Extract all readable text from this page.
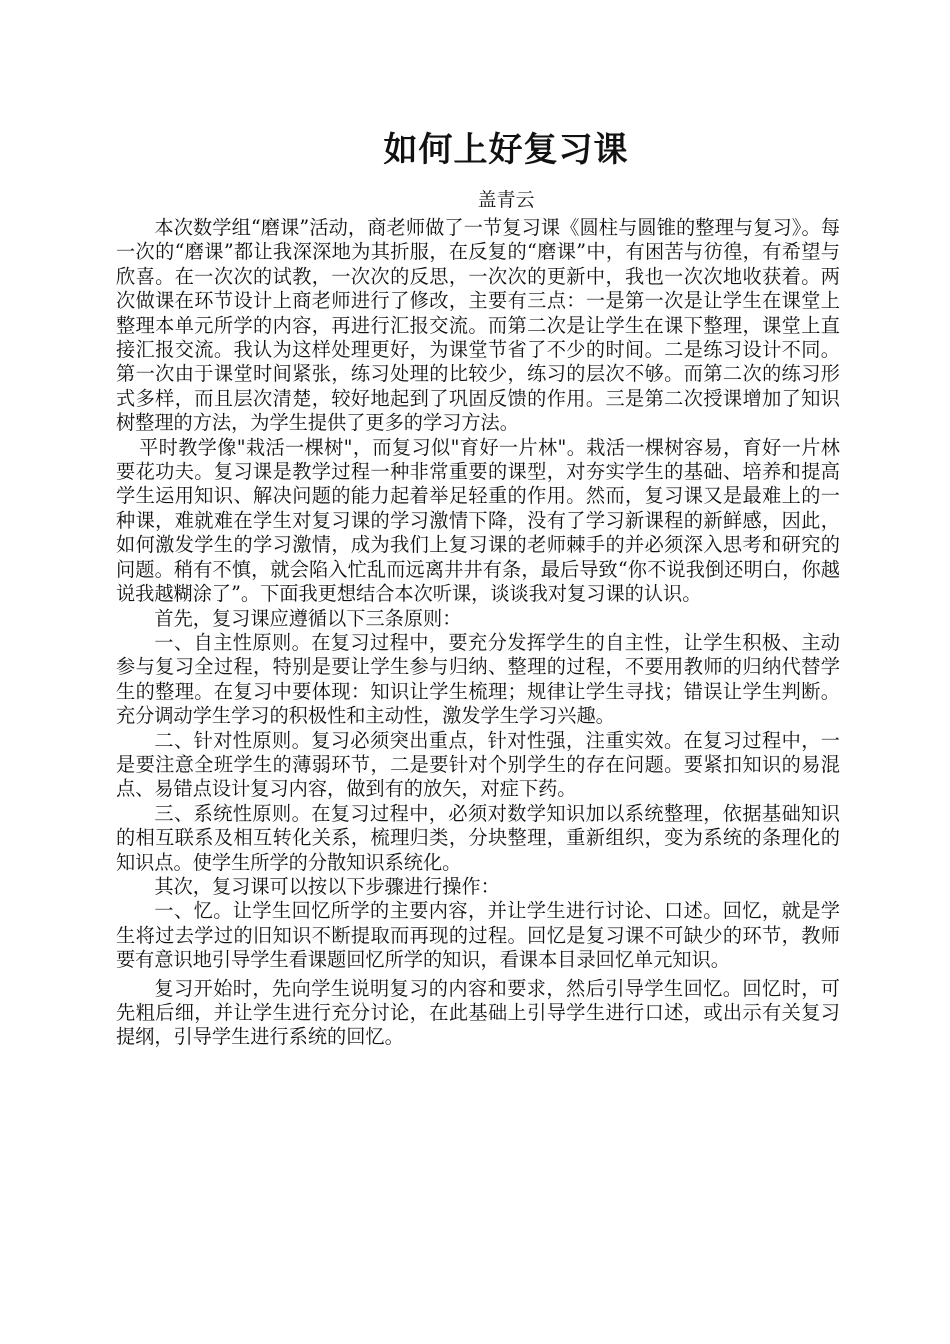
如何上好复习课
盖青云

本次数学组“磨课”活动，商老师做了一节复习课《圆柱与圆锥的整理与复习》。每一次的“磨课”都让我深深地为其折服，在反复的“磨课”中，有困苦与彷徨，有希望与欣喜。在一次次的试教，一次次的反思，一次次的更新中，我也一次次地收获着。两次做课在环节设计上商老师进行了修改，主要有三点：一是第一次是让学生在课堂上整理本单元所学的内容，再进行汇报交流。而第二次是让学生在课下整理，课堂上直接汇报交流。我认为这样处理更好，为课堂节省了不少的时间。二是练习设计不同。第一次由于课堂时间紧张，练习处理的比较少，练习的层次不够。而第二次的练习形式多样，而且层次清楚，较好地起到了巩固反馈的作用。三是第二次授课增加了知识树整理的方法，为学生提供了更多的学习方法。

平时教学像"栽活一棵树"，而复习似"育好一片林"。栽活一棵树容易，育好一片林要花功夫。复习课是教学过程一种非常重要的课型，对夯实学生的基础、培养和提高学生运用知识、解决问题的能力起着举足轻重的作用。然而，复习课又是最难上的一种课，难就难在学生对复习课的学习激情下降，没有了学习新课程的新鲜感，因此，如何激发学生的学习激情，成为我们上复习课的老师棘手的并必须深入思考和研究的问题。稍有不慎，就会陷入忙乱而远离井井有条，最后导致“你不说我倒还明白，你越说我越糊涂了”。下面我更想结合本次听课，谈谈我对复习课的认识。

首先，复习课应遵循以下三条原则：

一、自主性原则。在复习过程中，要充分发挥学生的自主性，让学生积极、主动参与复习全过程，特别是要让学生参与归纳、整理的过程，不要用教师的归纳代替学生的整理。在复习中要体现：知识让学生梳理；规律让学生寻找；错误让学生判断。充分调动学生学习的积极性和主动性，激发学生学习兴趣。

二、针对性原则。复习必须突出重点，针对性强，注重实效。在复习过程中，一是要注意全班学生的薄弱环节，二是要针对个别学生的存在问题。要紧扣知识的易混点、易错点设计复习内容，做到有的放矢，对症下药。

三、系统性原则。在复习过程中，必须对数学知识加以系统整理，依据基础知识的相互联系及相互转化关系，梳理归类，分块整理，重新组织，变为系统的条理化的知识点。使学生所学的分散知识系统化。

其次，复习课可以按以下步骤进行操作：

一、忆。让学生回忆所学的主要内容，并让学生进行讨论、口述。回忆，就是学生将过去学过的旧知识不断提取而再现的过程。回忆是复习课不可缺少的环节，教师要有意识地引导学生看课题回忆所学的知识，看课本目录回忆单元知识。

复习开始时，先向学生说明复习的内容和要求，然后引导学生回忆。回忆时，可先粗后细，并让学生进行充分讨论，在此基础上引导学生进行口述，或出示有关复习提纲，引导学生进行系统的回忆。
